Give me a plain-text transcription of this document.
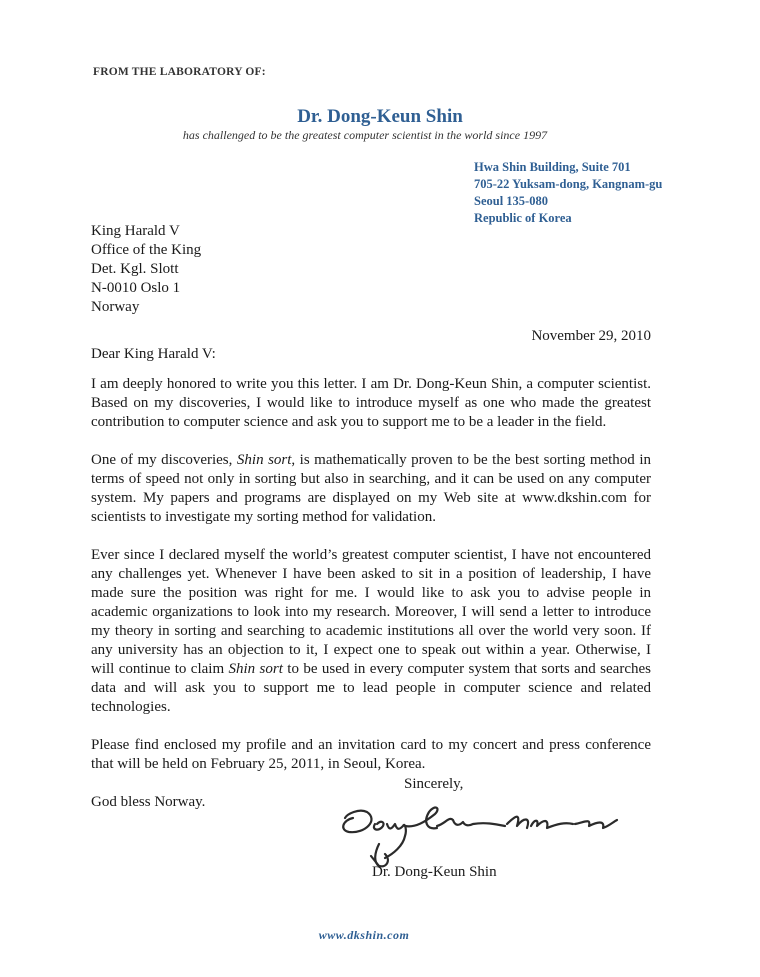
FROM THE LABORATORY OF:
Dr. Dong-Keun Shin
has challenged to be the greatest computer scientist in the world since 1997
Hwa Shin Building, Suite 701
705-22 Yuksam-dong, Kangnam-gu
Seoul 135-080
Republic of Korea
King Harald V
Office of the King
Det. Kgl. Slott
N-0010 Oslo 1
Norway
November 29, 2010
Dear King Harald V:

I am deeply honored to write you this letter. I am Dr. Dong-Keun Shin, a computer scientist. Based on my discoveries, I would like to introduce myself as one who made the greatest contribution to computer science and ask you to support me to be a leader in the field.

One of my discoveries, Shin sort, is mathematically proven to be the best sorting method in terms of speed not only in sorting but also in searching, and it can be used on any computer system. My papers and programs are displayed on my Web site at www.dkshin.com for scientists to investigate my sorting method for validation.

Ever since I declared myself the world’s greatest computer scientist, I have not encountered any challenges yet. Whenever I have been asked to sit in a position of leadership, I have made sure the position was right for me. I would like to ask you to advise people in academic organizations to look into my research. Moreover, I will send a letter to introduce my theory in sorting and searching to academic institutions all over the world very soon. If any university has an objection to it, I expect one to speak out within a year. Otherwise, I will continue to claim Shin sort to be used in every computer system that sorts and searches data and will ask you to support me to lead people in computer science and related technologies.

Please find enclosed my profile and an invitation card to my concert and press conference that will be held on February 25, 2011, in Seoul, Korea.

God bless Norway.

Sincerely,
Dr. Dong-Keun Shin
www.dkshin.com
